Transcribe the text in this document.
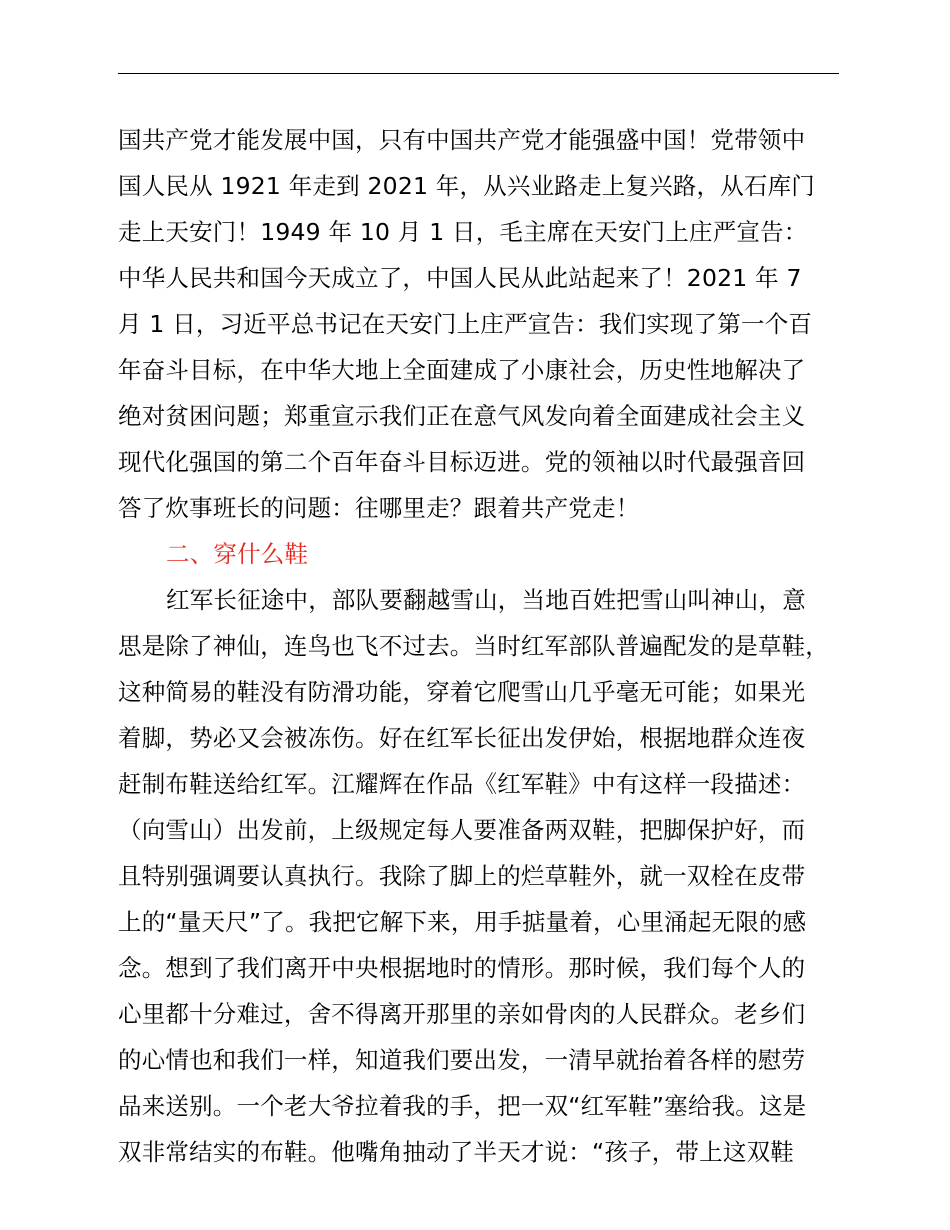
国共产党才能发展中国，只有中国共产党才能强盛中国！党带领中
国人民从 1921 年走到 2021 年，从兴业路走上复兴路，从石库门
走上天安门！1949 年 10 月 1 日，毛主席在天安门上庄严宣告：
中华人民共和国今天成立了，中国人民从此站起来了！2021 年 7
月 1 日，习近平总书记在天安门上庄严宣告：我们实现了第一个百
年奋斗目标，在中华大地上全面建成了小康社会，历史性地解决了
绝对贫困问题；郑重宣示我们正在意气风发向着全面建成社会主义
现代化强国的第二个百年奋斗目标迈进。党的领袖以时代最强音回
答了炊事班长的问题：往哪里走？跟着共产党走！
二、穿什么鞋
红军长征途中，部队要翻越雪山，当地百姓把雪山叫神山，意
思是除了神仙，连鸟也飞不过去。当时红军部队普遍配发的是草鞋，
这种简易的鞋没有防滑功能，穿着它爬雪山几乎毫无可能；如果光
着脚，势必又会被冻伤。好在红军长征出发伊始，根据地群众连夜
赶制布鞋送给红军。江耀辉在作品《红军鞋》中有这样一段描述：
（向雪山）出发前，上级规定每人要准备两双鞋，把脚保护好，而
且特别强调要认真执行。我除了脚上的烂草鞋外，就一双栓在皮带
上的“量天尺”了。我把它解下来，用手掂量着，心里涌起无限的感
念。想到了我们离开中央根据地时的情形。那时候，我们每个人的
心里都十分难过，舍不得离开那里的亲如骨肉的人民群众。老乡们
的心情也和我们一样，知道我们要出发，一清早就抬着各样的慰劳
品来送别。一个老大爷拉着我的手，把一双“红军鞋”塞给我。这是
双非常结实的布鞋。他嘴角抽动了半天才说：“孩子，带上这双鞋
